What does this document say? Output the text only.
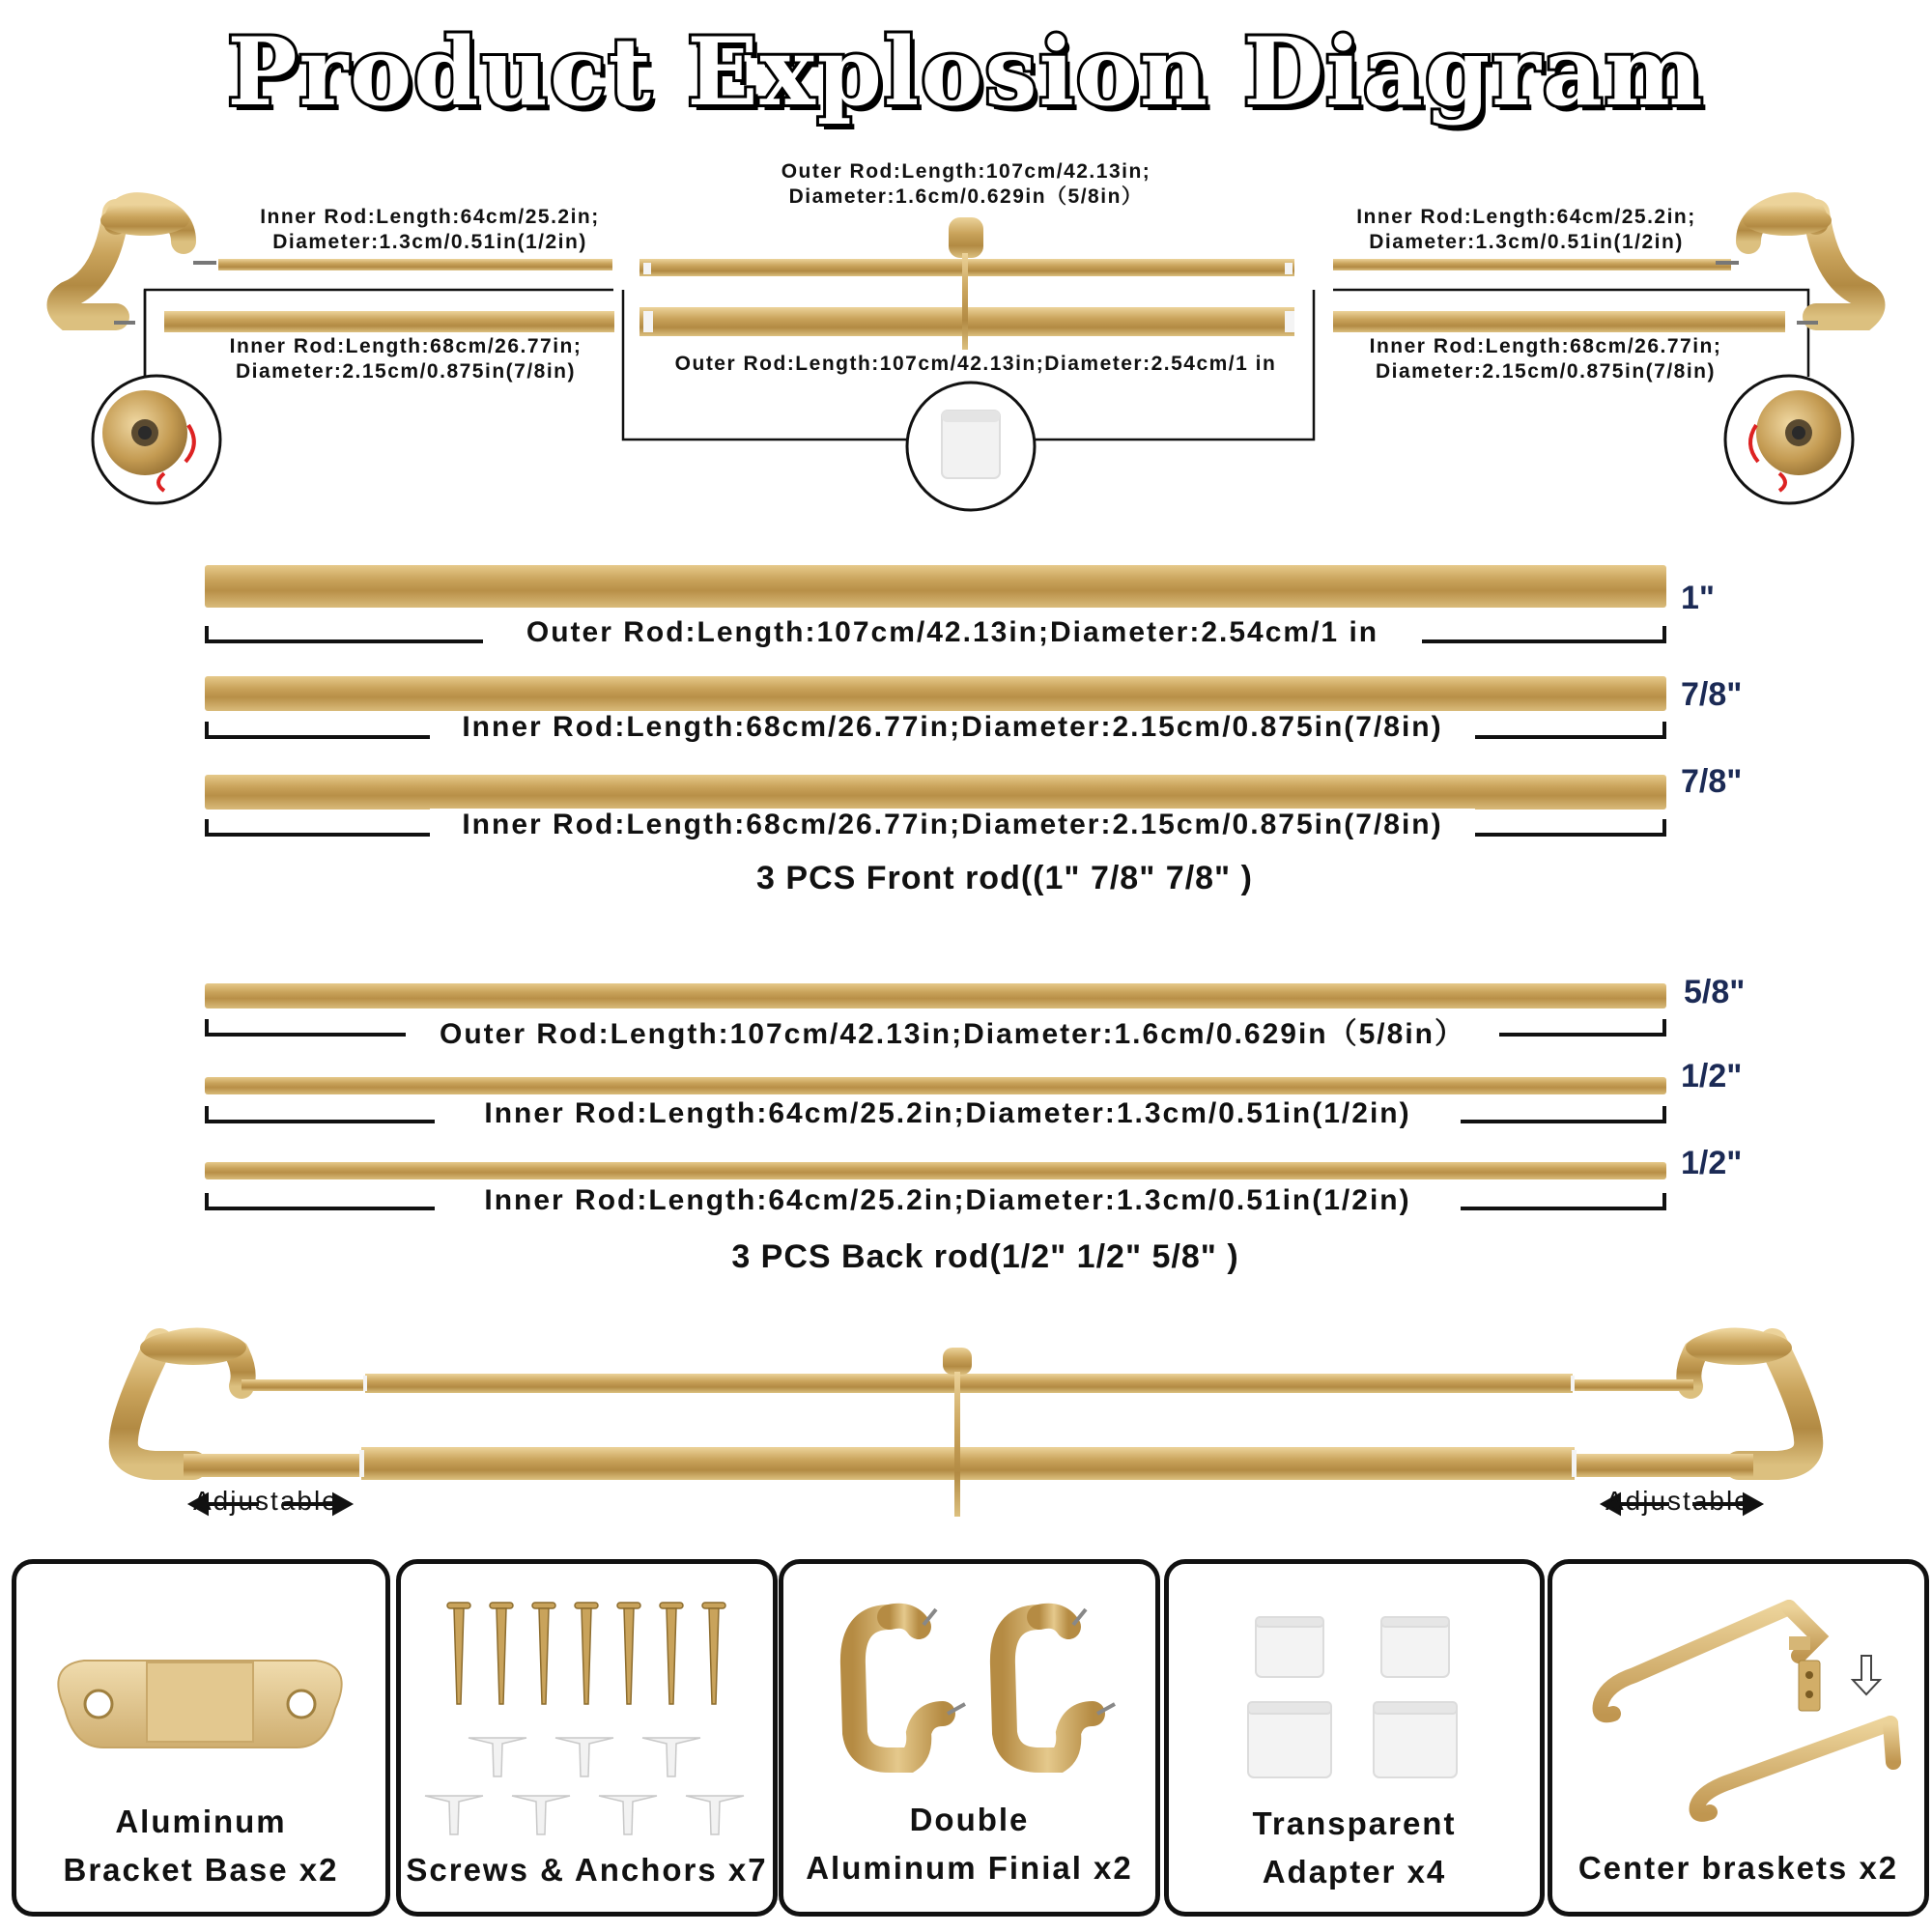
Product Explosion Diagram
Inner Rod:Length:64cm/25.2in;
Diameter:1.3cm/0.51in(1/2in)
Inner Rod:Length:68cm/26.77in;
Diameter:2.15cm/0.875in(7/8in)
Outer Rod:Length:107cm/42.13in;
Diameter:1.6cm/0.629in（5/8in）
Outer Rod:Length:107cm/42.13in;Diameter:2.54cm/1 in
Inner Rod:Length:64cm/25.2in;
Diameter:1.3cm/0.51in(1/2in)
Inner Rod:Length:68cm/26.77in;
Diameter:2.15cm/0.875in(7/8in)
Outer Rod:Length:107cm/42.13in;Diameter:2.54cm/1 in
1"
Inner Rod:Length:68cm/26.77in;Diameter:2.15cm/0.875in(7/8in)
7/8"
Inner Rod:Length:68cm/26.77in;Diameter:2.15cm/0.875in(7/8in)
7/8"
3 PCS Front rod((1" 7/8" 7/8" )
Outer Rod:Length:107cm/42.13in;Diameter:1.6cm/0.629in（5/8in）
5/8"
Inner Rod:Length:64cm/25.2in;Diameter:1.3cm/0.51in(1/2in)
1/2"
Inner Rod:Length:64cm/25.2in;Diameter:1.3cm/0.51in(1/2in)
1/2"
3 PCS Back rod(1/2" 1/2" 5/8" )
Adjustable	Adjustable
Aluminum
Bracket Base x2
	Screws & Anchors x7
Double
Aluminum Finial x2
Transparent
Adapter x4
	Center braskets x2
